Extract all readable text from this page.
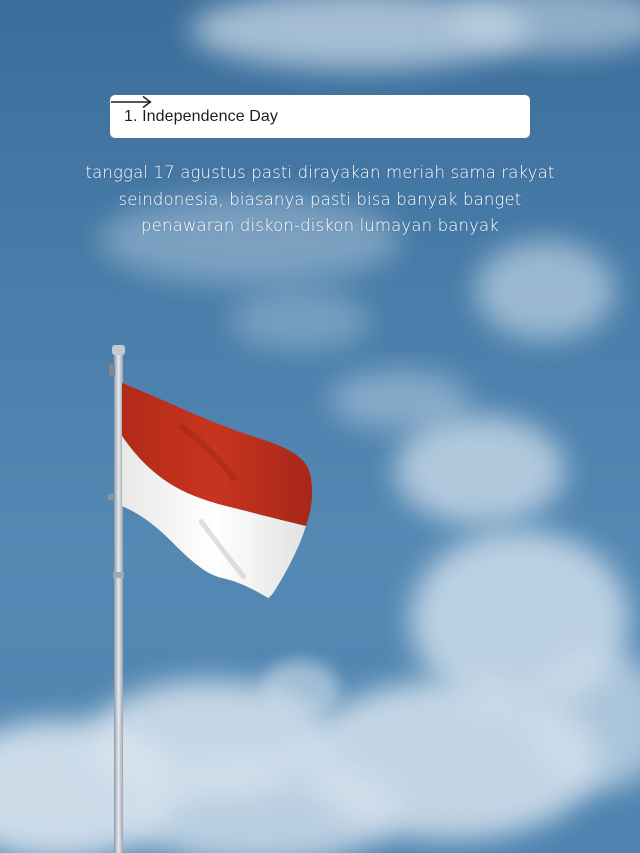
1. Independence Day
tanggal 17 agustus pasti dirayakan meriah sama rakyat seindonesia, biasanya pasti bisa banyak banget penawaran diskon-diskon lumayan banyak
